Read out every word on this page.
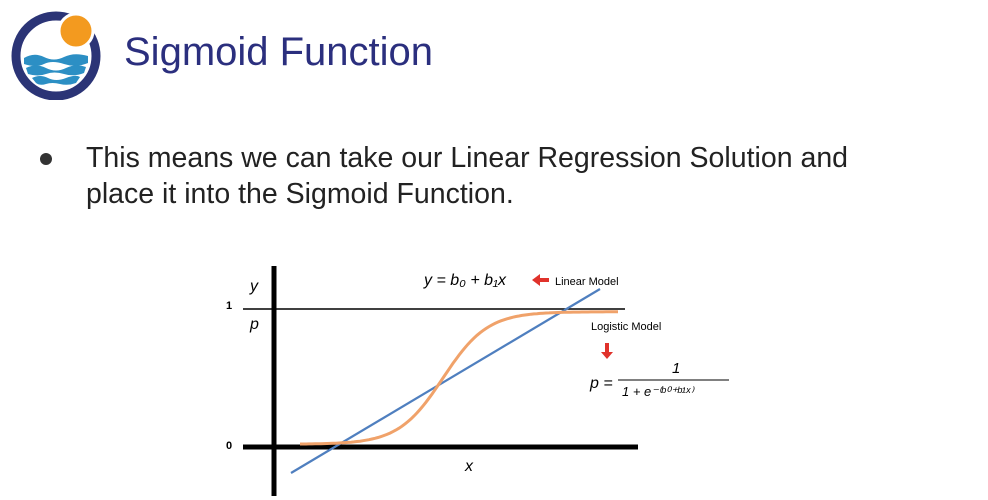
Sigmoid Function
This means we can take our Linear Regression Solution and
place it into the Sigmoid Function.
1
0
y
p
x
y = b₀ + b₁x	Linear Model
Logistic Model
p =
1
1 + e⁻⁽ᵇ⁰⁺ᵇ¹ˣ⁾
